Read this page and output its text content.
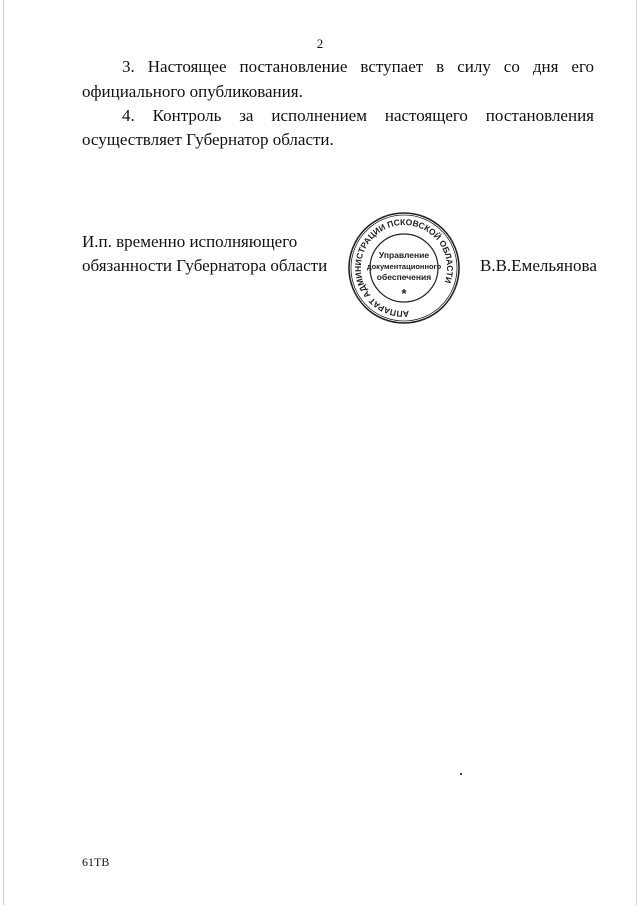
2
3. Настоящее постановление вступает в силу со дня его
официального опубликования.
4. Контроль за исполнением настоящего постановления
осуществляет Губернатор области.
И.п. временно исполняющего
обязанности Губернатора области	В.В.Емельянова
АППАРАТ АДМИНИСТРАЦИИ ПСКОВСКОЙ ОБЛАСТИ
Управление
документационного
обеспечения
*
61ТВ
